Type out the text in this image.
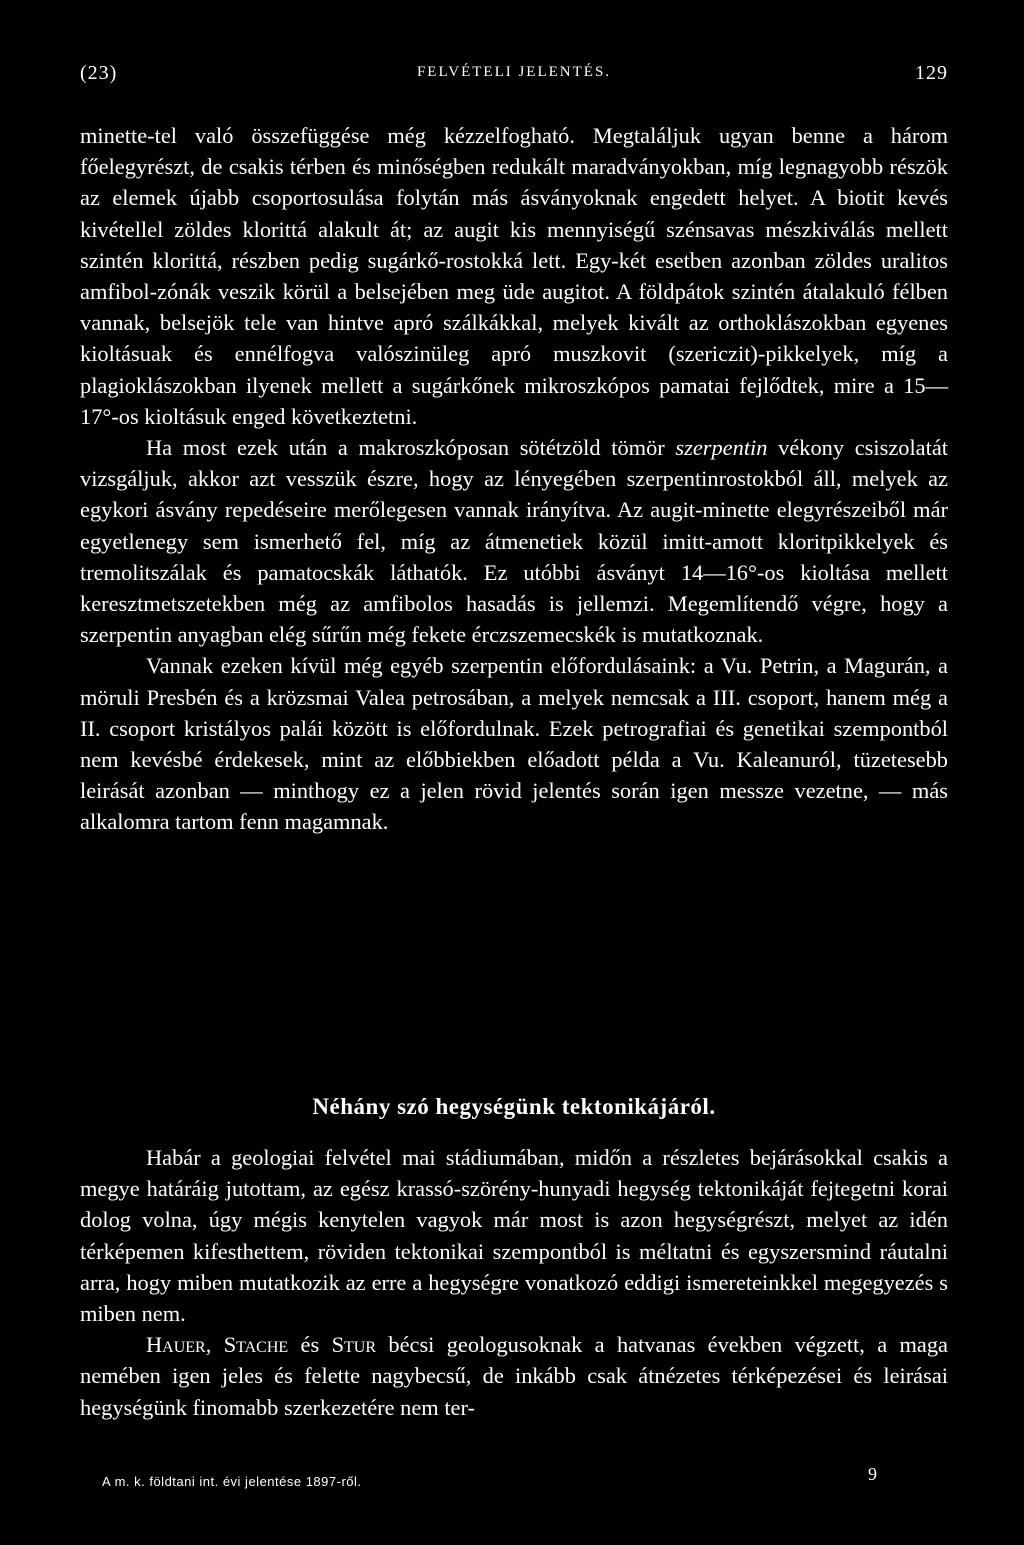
(23)	FELVÉTELI JELENTÉS.	129

minette-tel való összefüggése még kézzelfogható. Megtaláljuk ugyan benne a három főelegyrészt, de csakis térben és minőségben redukált maradványokban, míg legnagyobb részök az elemek újabb csoportosulása folytán más ásványoknak engedett helyet. A biotit kevés kivétellel zöldes klorittá alakult át; az augit kis mennyiségű szénsavas mészkiválás mellett szintén klorittá, részben pedig sugárkő-rostokká lett. Egy-két esetben azonban zöldes uralitos amfibol-zónák veszik körül a belsejében meg üde augitot. A földpátok szintén átalakuló félben vannak, belsejök tele van hintve apró szálkákkal, melyek kivált az orthoklászokban egyenes kioltásuak és ennélfogva valószinüleg apró muszkovit (szericzit)-pikkelyek, míg a plagioklászokban ilyenek mellett a sugárkőnek mikroszkópos pamatai fejlődtek, mire a 15—17°-os kioltásuk enged következtetni.

Ha most ezek után a makroszkóposan sötétzöld tömör szerpentin vékony csiszolatát vizsgáljuk, akkor azt vesszük észre, hogy az lényegében szerpentinrostokból áll, melyek az egykori ásvány repedéseire merőlegesen vannak irányítva. Az augit-minette elegyrészeiből már egyetlenegy sem ismerhető fel, míg az átmenetiek közül imitt-amott kloritpikkelyek és tremolitszálak és pamatocskák láthatók. Ez utóbbi ásványt 14—16°-os kioltása mellett keresztmetszetekben még az amfibolos hasadás is jellemzi. Megemlítendő végre, hogy a szerpentin anyagban elég sűrűn még fekete érczszemecskék is mutatkoznak.

Vannak ezeken kívül még egyéb szerpentin előfordulásaink: a Vu. Petrin, a Magurán, a möruli Presbén és a krözsmai Valea petrosában, a melyek nemcsak a III. csoport, hanem még a II. csoport kristályos palái között is előfordulnak. Ezek petrografiai és genetikai szempontból nem kevésbé érdekesek, mint az előbbiekben előadott példa a Vu. Kaleanuról, tüzetesebb leirását azonban — minthogy ez a jelen rövid jelentés során igen messze vezetne, — más alkalomra tartom fenn magamnak.

Néhány szó hegységünk tektonikájáról.

Habár a geologiai felvétel mai stádiumában, midőn a részletes bejárásokkal csakis a megye határáig jutottam, az egész krassó-szörény-hunyadi hegység tektonikáját fejtegetni korai dolog volna, úgy mégis kenytelen vagyok már most is azon hegységrészt, melyet az idén térképemen kifesthettem, röviden tektonikai szempontból is méltatni és egyszersmind ráutalni arra, hogy miben mutatkozik az erre a hegységre vonatkozó eddigi ismereteinkkel megegyezés s miben nem.

Hauer, Stache és Stur bécsi geologusoknak a hatvanas években végzett, a maga nemében igen jeles és felette nagybecsű, de inkább csak átnézetes térképezései és leirásai hegységünk finomabb szerkezetére nem ter-

A m. k. földtani int. évi jelentése 1897-ről.	9
